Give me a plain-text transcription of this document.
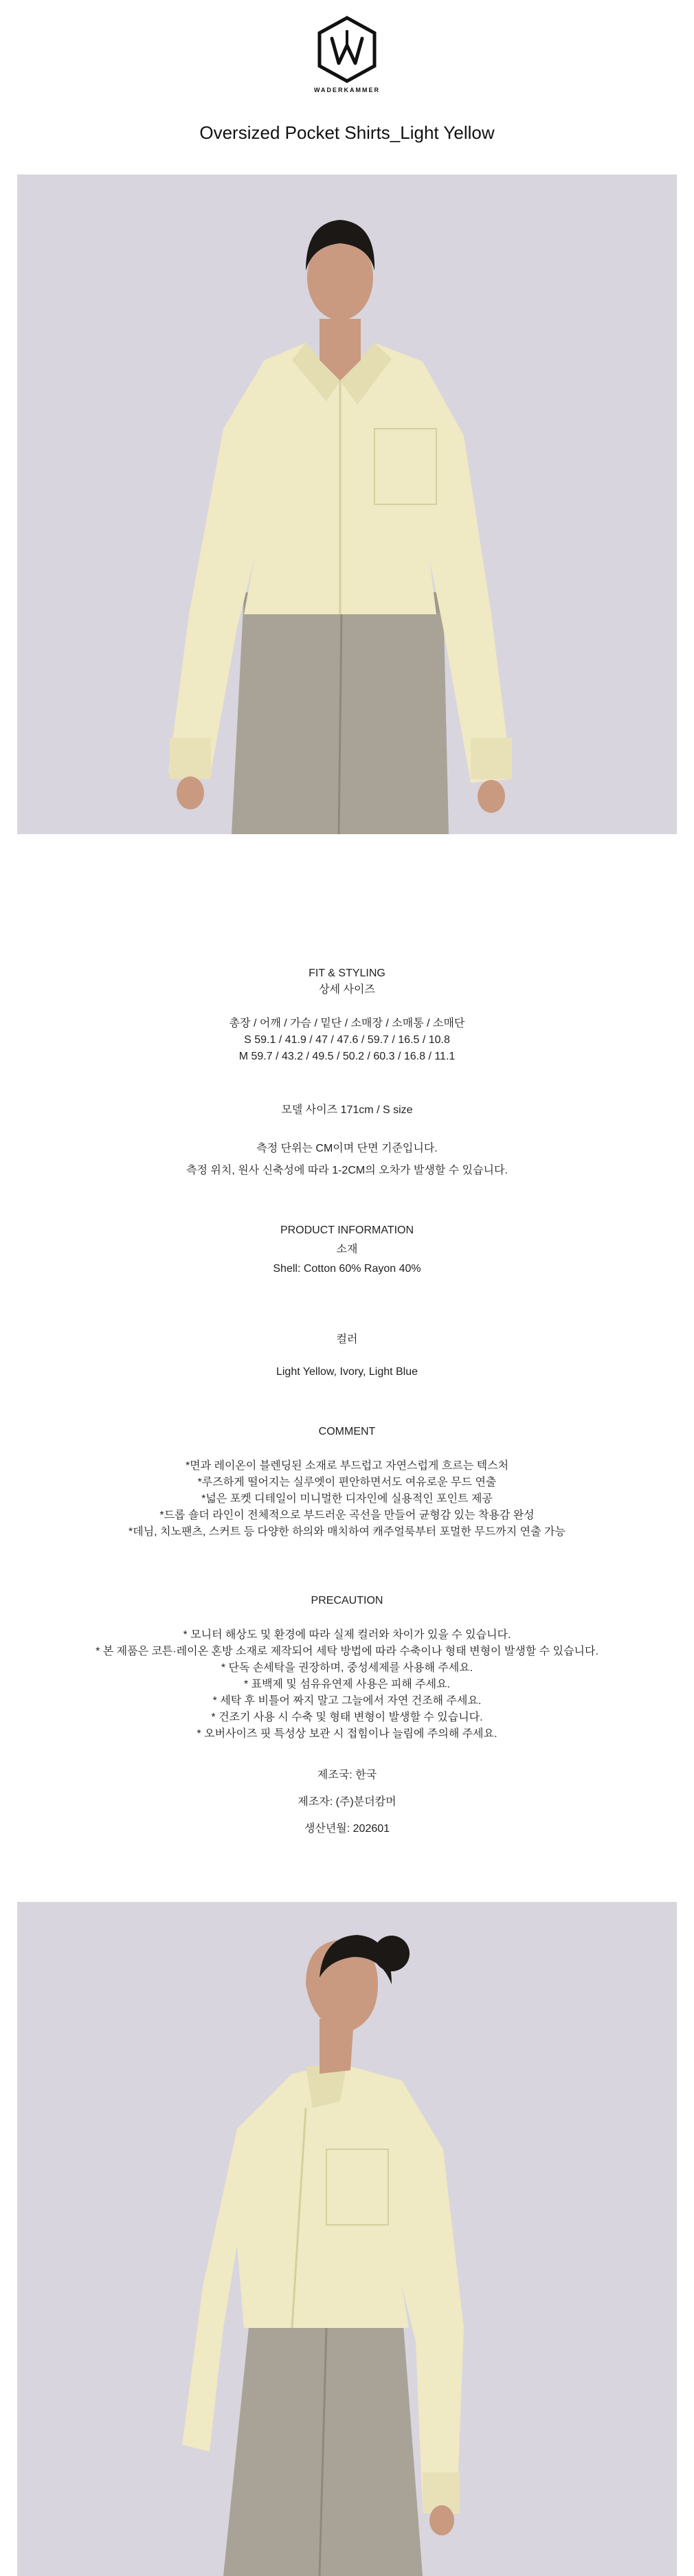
WADERKAMMER
Oversized Pocket Shirts_Light Yellow
FIT & STYLING
상세 사이즈
총장 / 어깨 / 가슴 / 밑단 / 소매장 / 소매통 / 소매단
S 59.1 / 41.9 / 47 / 47.6 / 59.7 / 16.5 / 10.8
M 59.7 / 43.2 / 49.5 / 50.2 / 60.3 / 16.8 / 11.1
모델 사이즈 171cm / S size
측정 단위는 CM이며 단면 기준입니다.
측정 위치, 원사 신축성에 따라 1-2CM의 오차가 발생할 수 있습니다.
PRODUCT INFORMATION
소재
Shell: Cotton 60% Rayon 40%
컬러
Light Yellow, Ivory, Light Blue
COMMENT
*면과 레이온이 블렌딩된 소재로 부드럽고 자연스럽게 흐르는 텍스처
*루즈하게 떨어지는 실루엣이 편안하면서도 여유로운 무드 연출
*넓은 포켓 디테일이 미니멀한 디자인에 실용적인 포인트 제공
*드롭 숄더 라인이 전체적으로 부드러운 곡선을 만들어 균형감 있는 착용감 완성
*데님, 치노팬츠, 스커트 등 다양한 하의와 매치하여 캐주얼룩부터 포멀한 무드까지 연출 가능
PRECAUTION
* 모니터 해상도 및 환경에 따라 실제 컬러와 차이가 있을 수 있습니다.
* 본 제품은 코튼·레이온 혼방 소재로 제작되어 세탁 방법에 따라 수축이나 형태 변형이 발생할 수 있습니다.
* 단독 손세탁을 권장하며, 중성세제를 사용해 주세요.
* 표백제 및 섬유유연제 사용은 피해 주세요.
* 세탁 후 비틀어 짜지 말고 그늘에서 자연 건조해 주세요.
* 건조기 사용 시 수축 및 형태 변형이 발생할 수 있습니다.
* 오버사이즈 핏 특성상 보관 시 접힘이나 늘림에 주의해 주세요.
제조국: 한국
제조자: (주)분더캄머
생산년월: 202601
